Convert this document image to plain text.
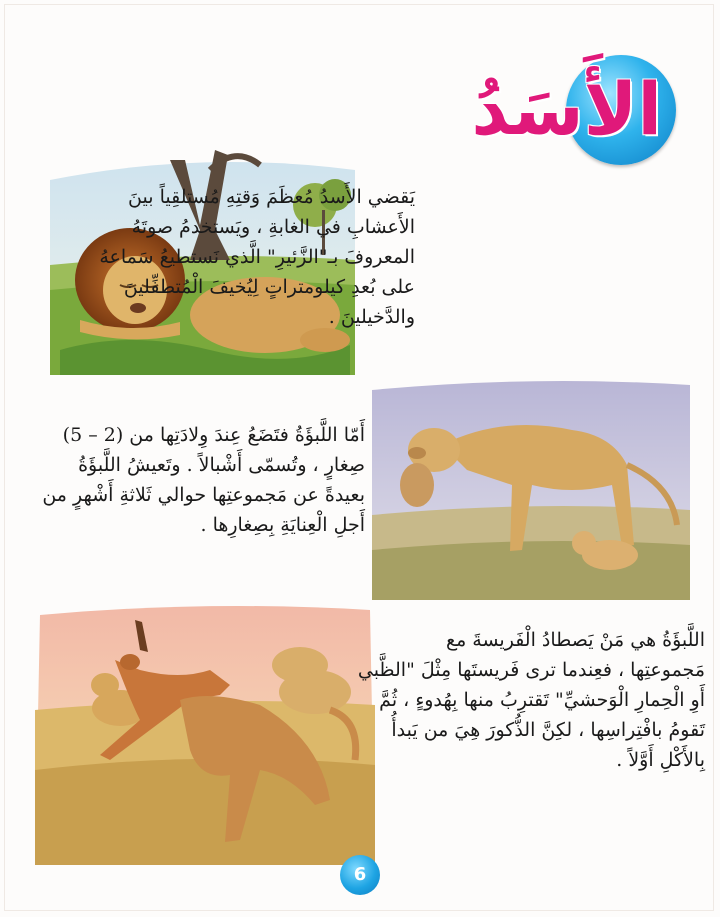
الأَسَدُ
يَقضي الأَسدُ مُعظَمَ وَقتِهِ مُستلقِياً بينَ
الأَعشابِ في الغابةِ ، ويَستخدمُ صوتَهُ
المعروفَ بـ"الزَّئيرِ" الَّذي نَستطيعُ سَماعهُ
على بُعدِ كيلومتراتٍ لِيُخيفَ الْمُتطفِّلينَ
والدَّخيلينَ .
أَمّا اللَّبؤَةُ فتَضَعُ عِندَ وِلادَتِها من (2 – 5)
صِغارٍ ، وتُسمّى أَشْبالاً . وتَعيشُ اللَّبؤَةُ
بعيدةً عن مَجموعتِها حوالي ثَلاثةِ أَشْهرٍ من
أَجلِ الْعِنايَةِ بِصِغارِها .
اللَّبؤَةُ هي مَنْ يَصطادُ الْفَريسةَ مع
مَجموعتِها ، فعِندما ترى فَريستَها مِثْلَ "الظَّبي
أَوِ الْحِمارِ الْوَحشيِّ" تَقترِبُ منها بِهُدوءٍ ، ثُمَّ
تَقومُ بافْتِراسِها ، لكِنَّ الذُّكورَ هِيَ من يَبدأُ
بِالأَكْلِ أَوَّلاً .
6
